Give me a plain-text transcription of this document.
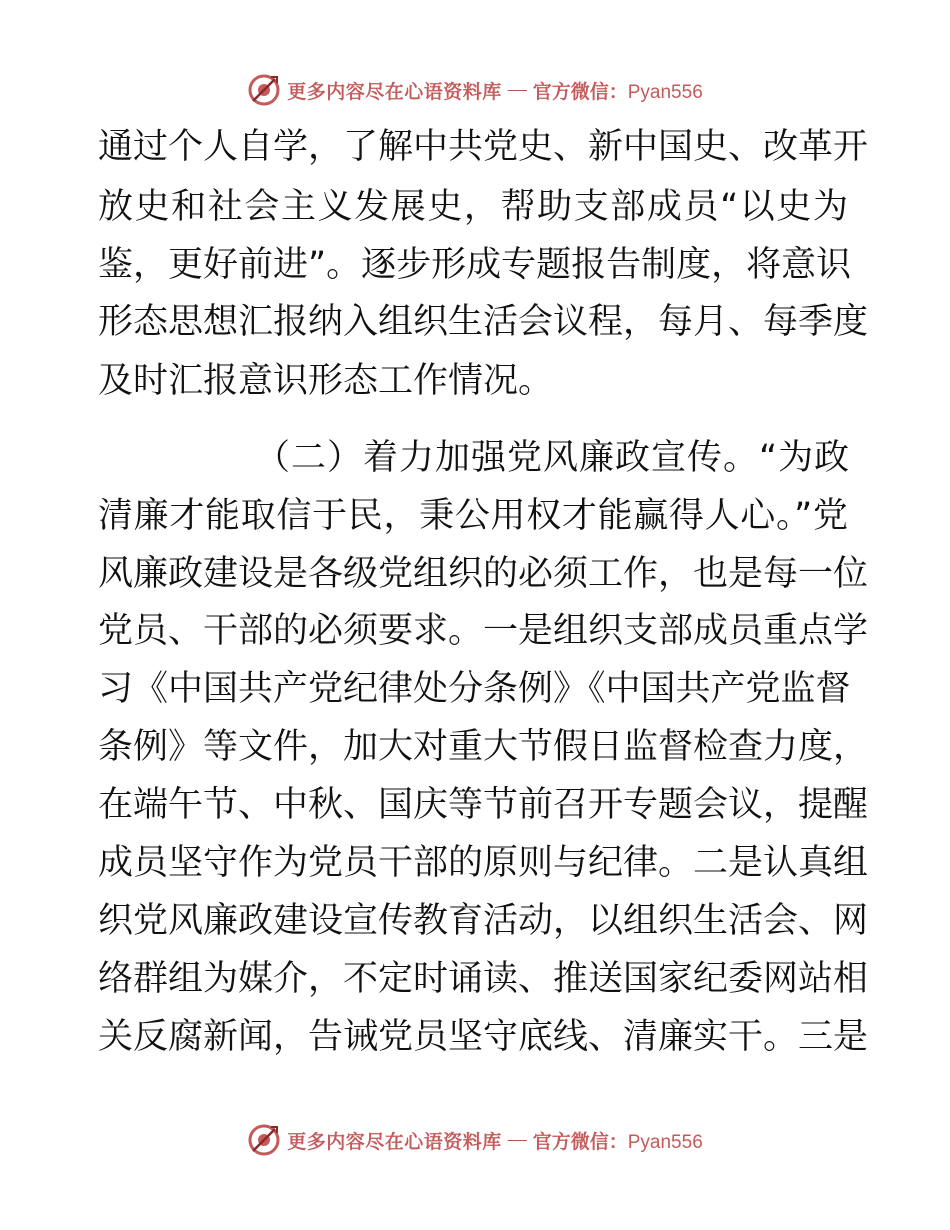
更多内容尽在心语资料库 — 官方微信：Pyan556
通过个人自学，了解中共党史、新中国史、改革开
放史和社会主义发展史，帮助支部成员“以史为
鉴，更好前进”。逐步形成专题报告制度，将意识
形态思想汇报纳入组织生活会议程，每月、每季度
及时汇报意识形态工作情况。
（二）着力加强党风廉政宣传。“为政
清廉才能取信于民，秉公用权才能赢得人心。”党
风廉政建设是各级党组织的必须工作，也是每一位
党员、干部的必须要求。一是组织支部成员重点学
习《中国共产党纪律处分条例》《中国共产党监督
条例》等文件，加大对重大节假日监督检查力度，
在端午节、中秋、国庆等节前召开专题会议，提醒
成员坚守作为党员干部的原则与纪律。二是认真组
织党风廉政建设宣传教育活动，以组织生活会、网
络群组为媒介，不定时诵读、推送国家纪委网站相
关反腐新闻，告诫党员坚守底线、清廉实干。三是
更多内容尽在心语资料库 — 官方微信：Pyan556
